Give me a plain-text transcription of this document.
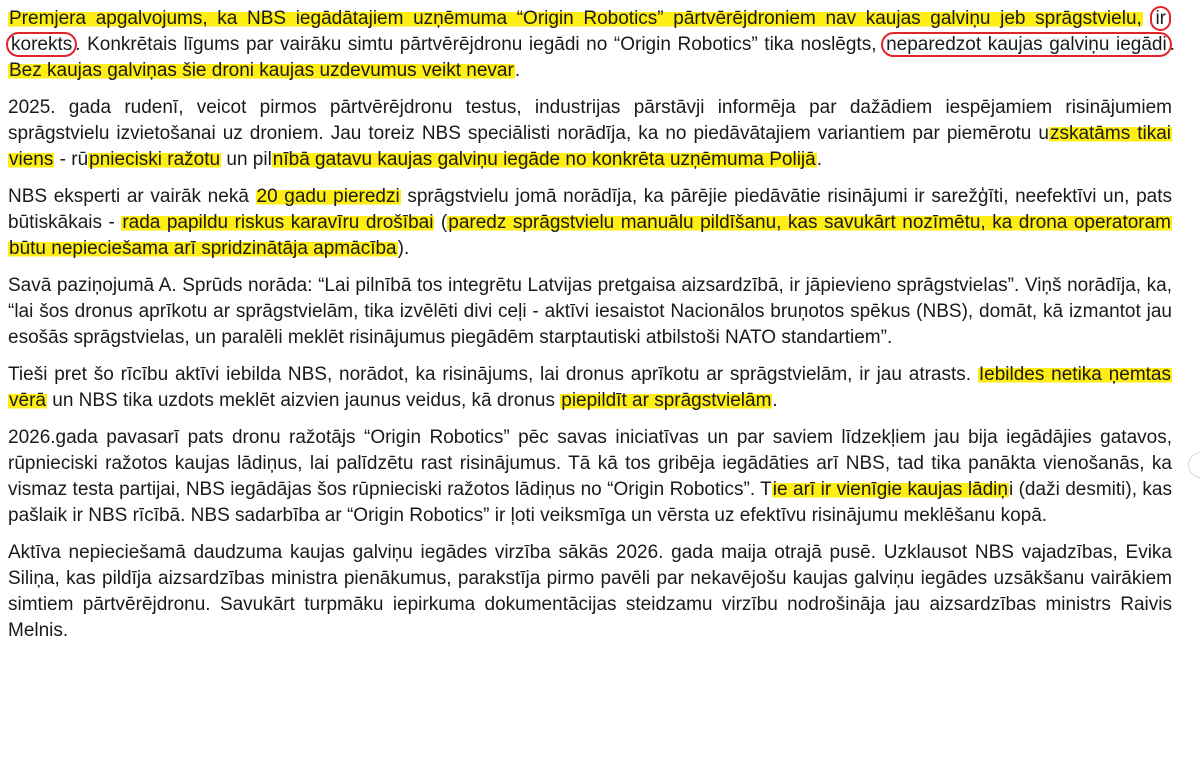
Premjera apgalvojums, ka NBS iegādātajiem uzņēmuma “Origin Robotics” pārtvērējdroniem nav kaujas galviņu jeb sprāgstvielu, ir korekts . Konkrētais līgums par vairāku simtu pārtvērējdronu iegādi no “Origin Robotics” tika noslēgts, neparedzot kaujas galviņu iegādi . Bez kaujas galviņas šie droni kaujas uzdevumus veikt nevar.

2025. gada rudenī, veicot pirmos pārtvērējdronu testus, industrijas pārstāvji informēja par dažādiem iespējamiem risinājumiem sprāgstvielu izvietošanai uz droniem. Jau toreiz NBS speciālisti norādīja, ka no piedāvātajiem variantiem par piemērotu uzskatāms tikai viens - rūpnieciski ražotu un pilnībā gatavu kaujas galviņu iegāde no konkrēta uzņēmuma Polijā.

NBS eksperti ar vairāk nekā 20 gadu pieredzi sprāgstvielu jomā norādīja, ka pārējie piedāvātie risinājumi ir sarežģīti, neefektīvi un, pats būtiskākais - rada papildu riskus karavīru drošībai (paredz sprāgstvielu manuālu pildīšanu, kas savukārt nozīmētu, ka drona operatoram būtu nepieciešama arī spridzinātāja apmācība).

Savā paziņojumā A. Sprūds norāda: “Lai pilnībā tos integrētu Latvijas pretgaisa aizsardzībā, ir jāpievieno sprāgstvielas”. Viņš norādīja, ka, “lai šos dronus aprīkotu ar sprāgstvielām, tika izvēlēti divi ceļi - aktīvi iesaistot Nacionālos bruņotos spēkus (NBS), domāt, kā izmantot jau esošās sprāgstvielas, un paralēli meklēt risinājumus piegādēm starptautiski atbilstoši NATO standartiem”.

Tieši pret šo rīcību aktīvi iebilda NBS, norādot, ka risinājums, lai dronus aprīkotu ar sprāgstvielām, ir jau atrasts. Iebildes netika ņemtas vērā un NBS tika uzdots meklēt aizvien jaunus veidus, kā dronus piepildīt ar sprāgstvielām.

2026.gada pavasarī pats dronu ražotājs “Origin Robotics” pēc savas iniciatīvas un par saviem līdzekļiem jau bija iegādājies gatavos, rūpnieciski ražotos kaujas lādiņus, lai palīdzētu rast risinājumus. Tā kā tos gribēja iegādāties arī NBS, tad tika panākta vienošanās, ka vismaz testa partijai, NBS iegādājas šos rūpnieciski ražotos lādiņus no “Origin Robotics”. Tie arī ir vienīgie kaujas lādiņi (daži desmiti), kas pašlaik ir NBS rīcībā. NBS sadarbība ar “Origin Robotics” ir ļoti veiksmīga un vērsta uz efektīvu risinājumu meklēšanu kopā.

Aktīva nepieciešamā daudzuma kaujas galviņu iegādes virzība sākās 2026. gada maija otrajā pusē. Uzklausot NBS vajadzības, Evika Siliņa, kas pildīja aizsardzības ministra pienākumus, parakstīja pirmo pavēli par nekavējošu kaujas galviņu iegādes uzsākšanu vairākiem simtiem pārtvērējdronu. Savukārt turpmāku iepirkuma dokumentācijas steidzamu virzību nodrošināja jau aizsardzības ministrs Raivis Melnis.
